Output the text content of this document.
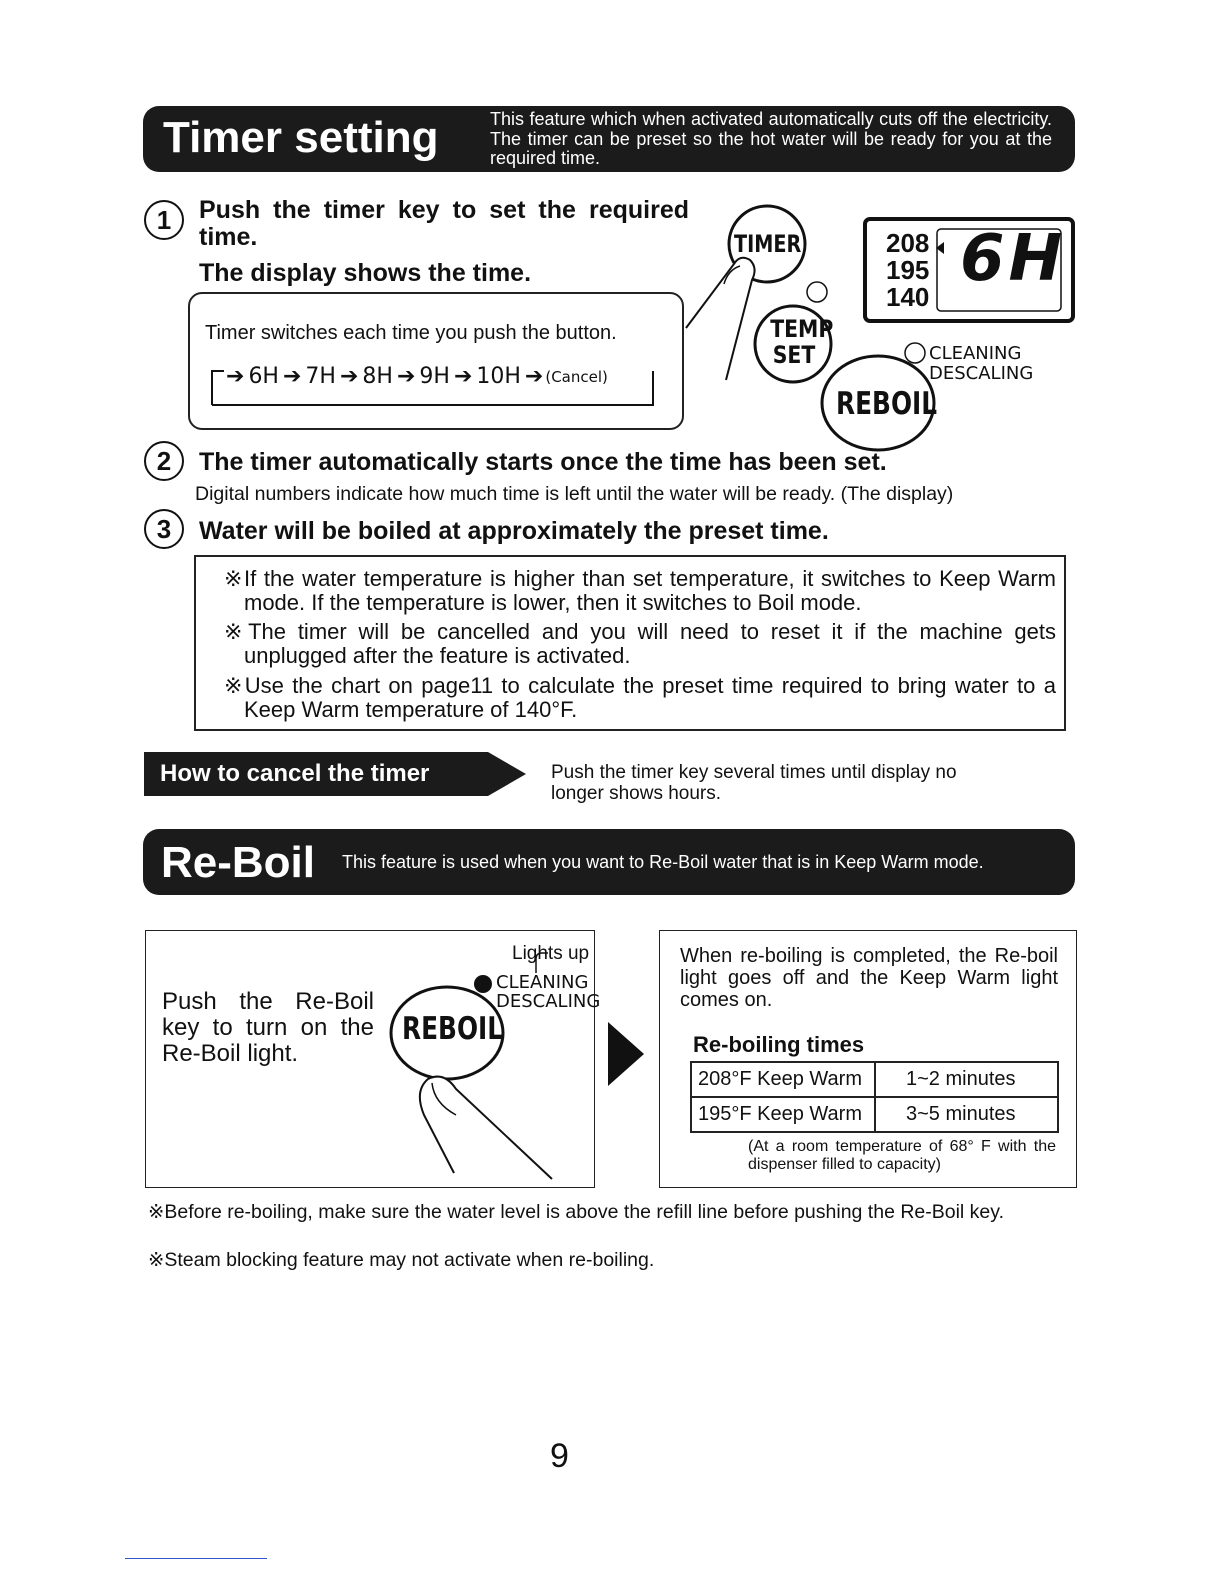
Timer setting	This feature which when activated automatically cuts off the electricity. The timer can be preset so the hot water will be ready for you at the required time.
1	Push the timer key to set the required time.
The display shows the time.
Timer switches each time you push the button.
➔ 6H ➔ 7H ➔ 8H ➔ 9H ➔ 10H ➔ (Cancel)
TIMER
TEMP SET
REBOIL
208
195
140
6H
CLEANING
DESCALING
2	The timer automatically starts once the time has been set.
Digital numbers indicate how much time is left until the water will be ready. (The display)
3	Water will be boiled at approximately the preset time.

※If the water temperature is higher than set temperature, it switches to Keep Warm mode. If the temperature is lower, then it switches to Boil mode.

※The timer will be cancelled and you will need to reset it if the machine gets unplugged after the feature is activated.

※Use the chart on page11 to calculate the preset time required to bring water to a Keep Warm temperature of 140°F.

How to cancel the timer	Push the timer key several times until display no longer shows hours.
Re-Boil This feature is used when you want to Re-Boil water that is in Keep Warm mode.
Push the Re-Boil key to turn on the Re-Boil light.
Lights up
CLEANING
DESCALING
REBOIL
When re-boiling is completed, the Re-boil light goes off and the Keep Warm light comes on.
Re-boiling times
208°F Keep Warm	1~2 minutes
195°F Keep Warm	3~5 minutes
(At a room temperature of 68° F with the dispenser filled to capacity)
※Before re-boiling, make sure the water level is above the refill line before pushing the Re-Boil key.
※Steam blocking feature may not activate when re-boiling.
9
